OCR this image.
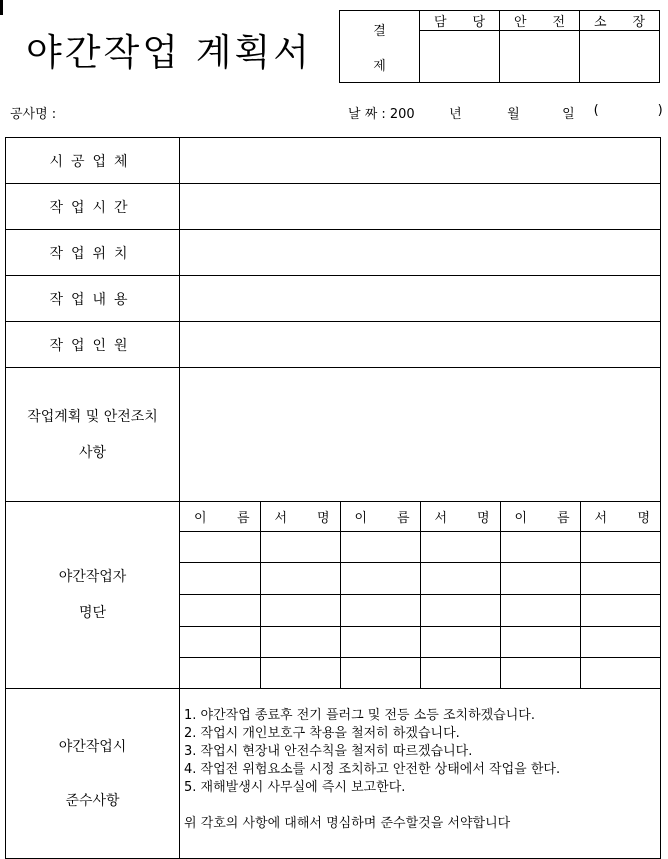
야간작업 계획서	결
제	담 당	안 전	소 장

공사명 :	날 짜 : 200	년	월	일	(	)
시공업체	
작업시간	
작업위치	
작업내용	
작업인원	

작업계획 및 안전조치
사항

야간작업자
명단

이 름	서 명	이 름	서 명	이 름	서 명

야간작업시
준수사항

1. 야간작업 종료후 전기 플러그 및 전등 소등 조치하겠습니다.
2. 작업시 개인보호구 착용을 철저히 하겠습니다.
3. 작업시 현장내 안전수칙을 철저히 따르겠습니다.
4. 작업전 위험요소를 시정 조치하고 안전한 상태에서 작업을 한다.
5. 재해발생시 사무실에 즉시 보고한다.
위 각호의 사항에 대해서 명심하며 준수할것을 서약합니다
